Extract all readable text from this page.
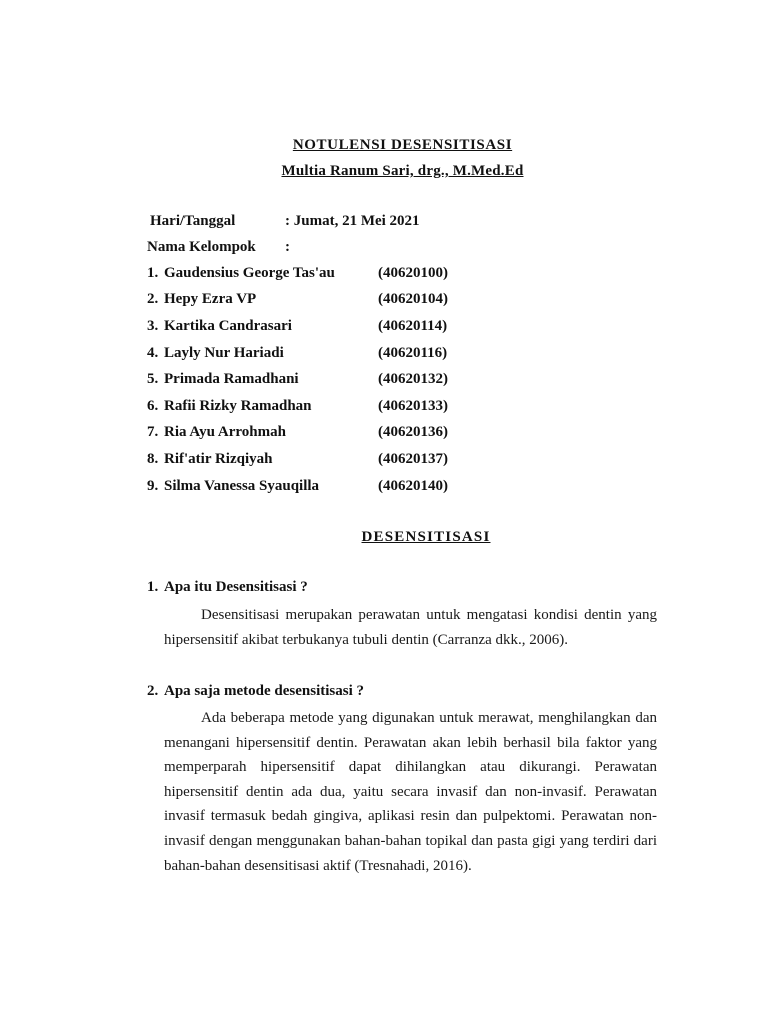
NOTULENSI DESENSITISASI
Multia Ranum Sari, drg., M.Med.Ed
Hari/Tanggal	: Jumat, 21 Mei 2021
Nama Kelompok :
1. Gaudensius George Tas'au	(40620100)
2. Hepy Ezra VP	(40620104)
3. Kartika Candrasari	(40620114)
4. Layly Nur Hariadi	(40620116)
5. Primada Ramadhani	(40620132)
6. Rafii Rizky Ramadhan	(40620133)
7. Ria Ayu Arrohmah	(40620136)
8. Rif'atir Rizqiyah	(40620137)
9. Silma Vanessa Syauqilla	(40620140)
DESENSITISASI
1. Apa itu Desensitisasi ?
Desensitisasi merupakan perawatan untuk mengatasi kondisi dentin yang hipersensitif akibat terbukanya tubuli dentin (Carranza dkk., 2006).
2. Apa saja metode desensitisasi ?
Ada beberapa metode yang digunakan untuk merawat, menghilangkan dan menangani hipersensitif dentin. Perawatan akan lebih berhasil bila faktor yang memperparah hipersensitif dapat dihilangkan atau dikurangi. Perawatan hipersensitif dentin ada dua, yaitu secara invasif dan non-invasif. Perawatan invasif termasuk bedah gingiva, aplikasi resin dan pulpektomi. Perawatan non-invasif dengan menggunakan bahan-bahan topikal dan pasta gigi yang terdiri dari bahan-bahan desensitisasi aktif (Tresnahadi, 2016).
